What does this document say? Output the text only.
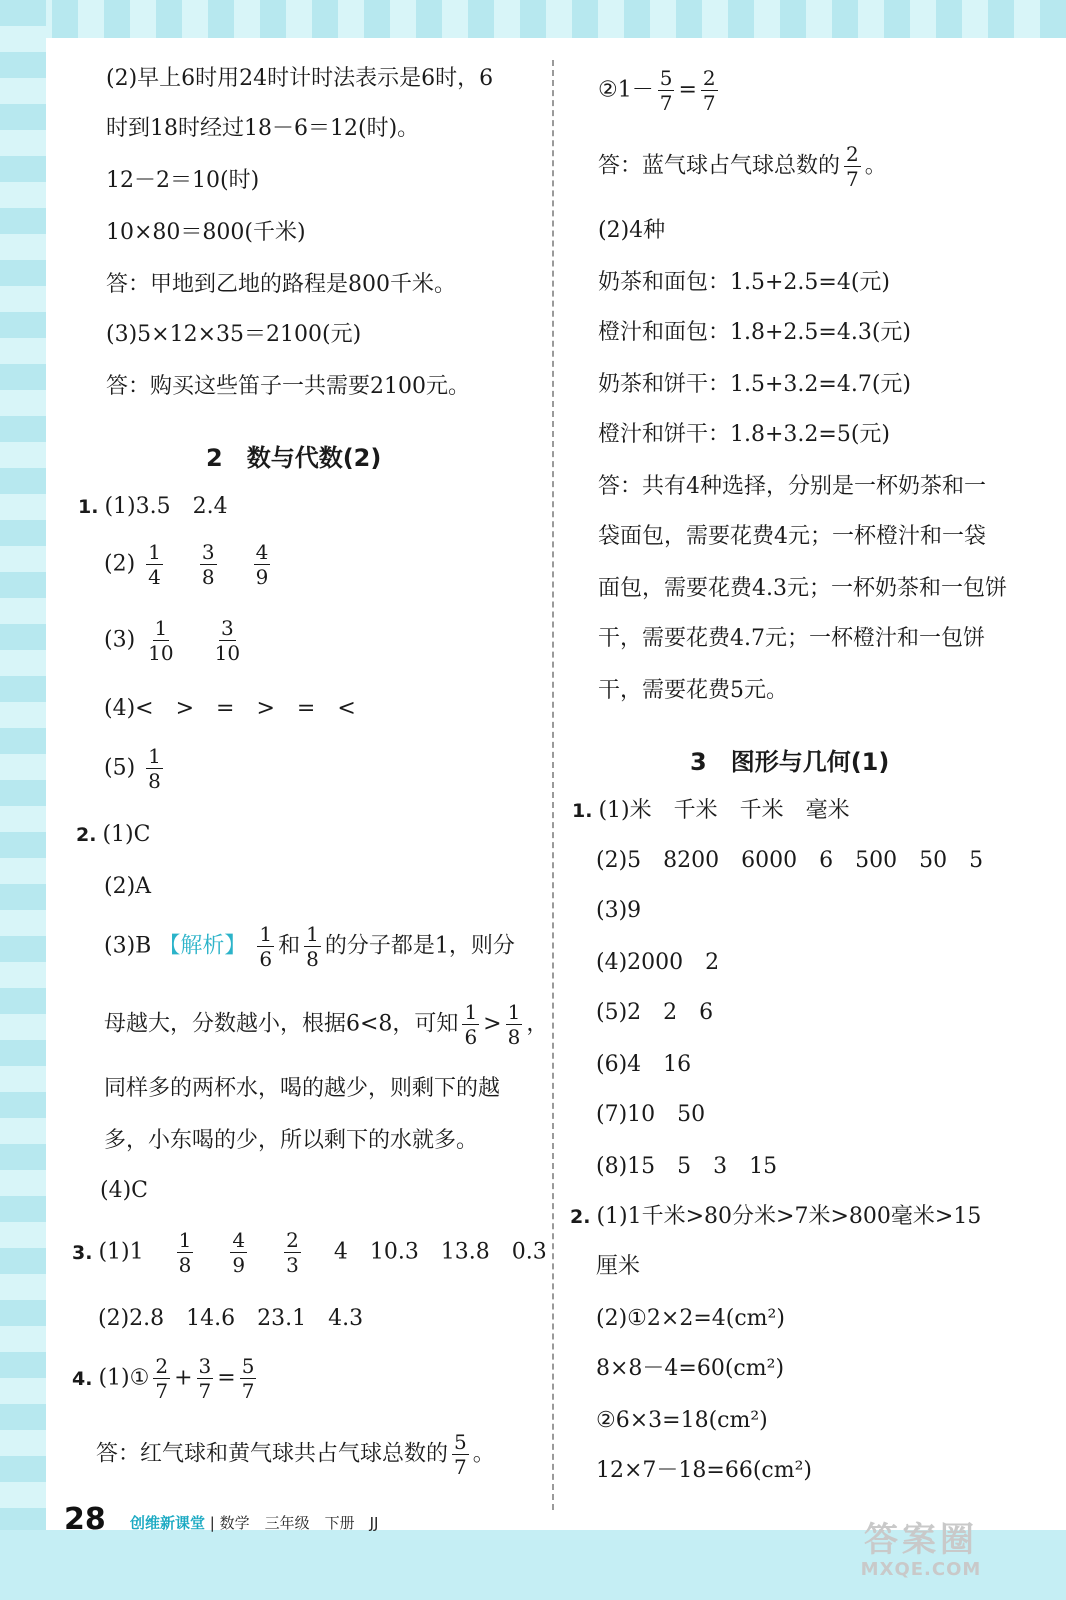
(2)早上6时用24时计时法表示是6时，6
时到18时经过18－6＝12(时)。
12－2＝10(时)
10×80＝800(千米)
答：甲地到乙地的路程是800千米。
(3)5×12×35＝2100(元)
答：购买这些笛子一共需要2100元。
2　数与代数(2)
1. (1)3.5　2.4
$(2) \frac{1}{4}$
$\frac{3}{8}$
$\frac{4}{9}$
$(3) \frac{1}{10}$
$\frac{3}{10}$
(4)<　>　=　>　=　<
$(5) \frac{1}{8}$
2. (1)C
(2)A
(3)B 【解析】 $\frac{1}{6}$ 和 $\frac{1}{8}$ 的分子都是1，则分
母越大，分数越小，根据6<8，可知 $\frac{1}{6} > \frac{1}{8}$ ，
同样多的两杯水，喝的越少，则剩下的越
多，小东喝的少，所以剩下的水就多。
(4)C
3. $(1)1 \frac{1}{8}$
$\frac{4}{9}$
$\frac{2}{3} 4$　10.3　13.8　0.3
(2)2.8　14.6　23.1　4.3
4. (1)① $\frac{2}{7} + \frac{3}{7} = \frac{5}{7}$
答：红气球和黄气球共占气球总数的 $\frac{5}{7}$ 。
②1－ $\frac{5}{7} = \frac{2}{7}$
答：蓝气球占气球总数的 $\frac{2}{7}$ 。
(2)4种
奶茶和面包：1.5+2.5=4(元)
橙汁和面包：1.8+2.5=4.3(元)
奶茶和饼干：1.5+3.2=4.7(元)
橙汁和饼干：1.8+3.2=5(元)
答：共有4种选择，分别是一杯奶茶和一
袋面包，需要花费4元；一杯橙汁和一袋
面包，需要花费4.3元；一杯奶茶和一包饼
干，需要花费4.7元；一杯橙汁和一包饼
干，需要花费5元。
3　图形与几何(1)
1. (1)米　千米　千米　毫米
(2)5　8200　6000　6　500　50　5
(3)9
(4)2000　2
(5)2　2　6
(6)4　16
(7)10　50
(8)15　5　3　15
2. (1)1千米>80分米>7米>800毫米>15
厘米
(2)①2×2=4(cm²)
8×8－4=60(cm²)
②6×3=18(cm²)
12×7－18=66(cm²)
28 创维新课堂 | 数学　三年级　下册　JJ	答案圈
MXQE.COM
